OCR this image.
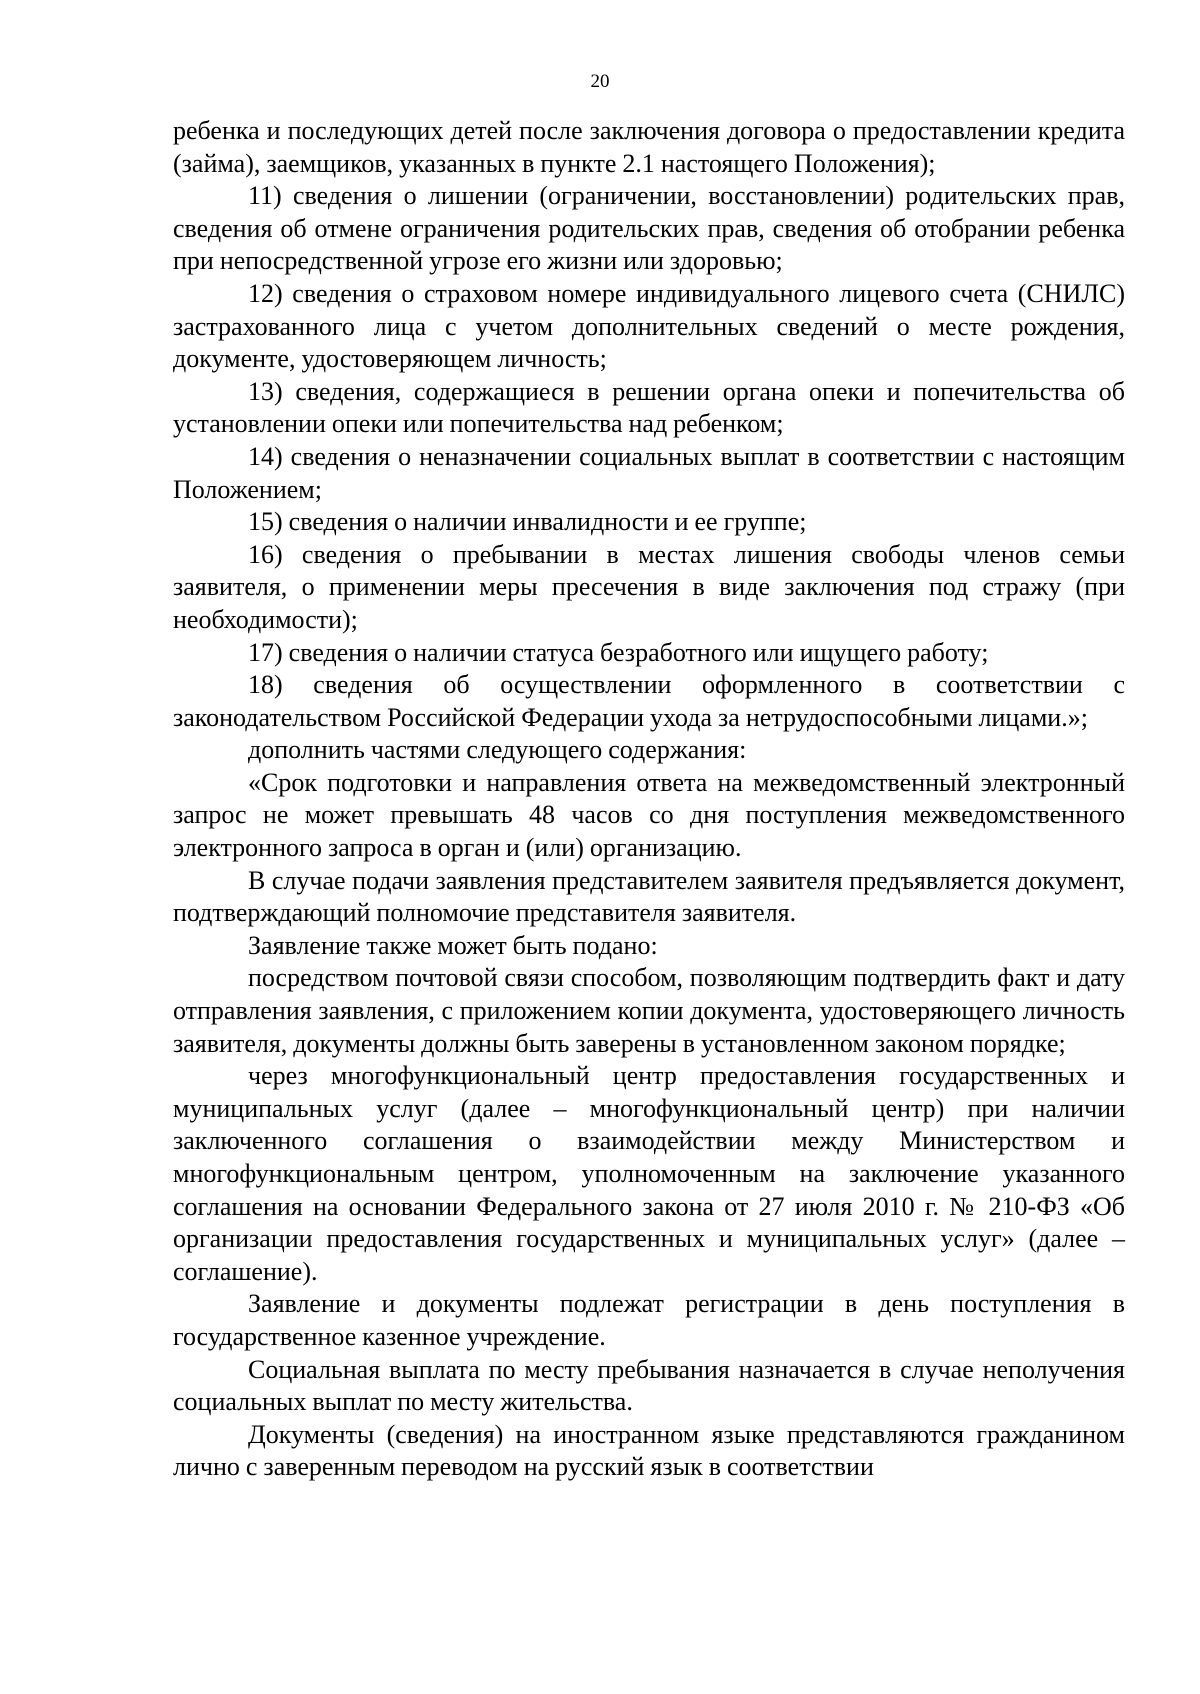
20

ребенка и последующих детей после заключения договора о предоставлении кредита (займа), заемщиков, указанных в пункте 2.1 настоящего Положения);

11) сведения о лишении (ограничении, восстановлении) родительских прав, сведения об отмене ограничения родительских прав, сведения об отобрании ребенка при непосредственной угрозе его жизни или здоровью;

12) сведения о страховом номере индивидуального лицевого счета (СНИЛС) застрахованного лица с учетом дополнительных сведений о месте рождения, документе, удостоверяющем личность;

13) сведения, содержащиеся в решении органа опеки и попечительства об установлении опеки или попечительства над ребенком;

14) сведения о неназначении социальных выплат в соответствии с настоящим Положением;

15) сведения о наличии инвалидности и ее группе;

16) сведения о пребывании в местах лишения свободы членов семьи заявителя, о применении меры пресечения в виде заключения под стражу (при необходимости);

17) сведения о наличии статуса безработного или ищущего работу;

18) сведения об осуществлении оформленного в соответствии с законодательством Российской Федерации ухода за нетрудоспособными лицами.»;

дополнить частями следующего содержания:

«Срок подготовки и направления ответа на межведомственный электронный запрос не может превышать 48 часов со дня поступления межведомственного электронного запроса в орган и (или) организацию.

В случае подачи заявления представителем заявителя предъявляется документ, подтверждающий полномочие представителя заявителя.

Заявление также может быть подано:

посредством почтовой связи способом, позволяющим подтвердить факт и дату отправления заявления, с приложением копии документа, удостоверяющего личность заявителя, документы должны быть заверены в установленном законом порядке;

через многофункциональный центр предоставления государственных и муниципальных услуг (далее – многофункциональный центр) при наличии заключенного соглашения о взаимодействии между Министерством и многофункциональным центром, уполномоченным на заключение указанного соглашения на основании Федерального закона от 27 июля 2010 г. № 210-ФЗ «Об организации предоставления государственных и муниципальных услуг» (далее – соглашение).

Заявление и документы подлежат регистрации в день поступления в государственное казенное учреждение.

Социальная выплата по месту пребывания назначается в случае неполучения социальных выплат по месту жительства.

Документы (сведения) на иностранном языке представляются гражданином лично с заверенным переводом на русский язык в соответствии
